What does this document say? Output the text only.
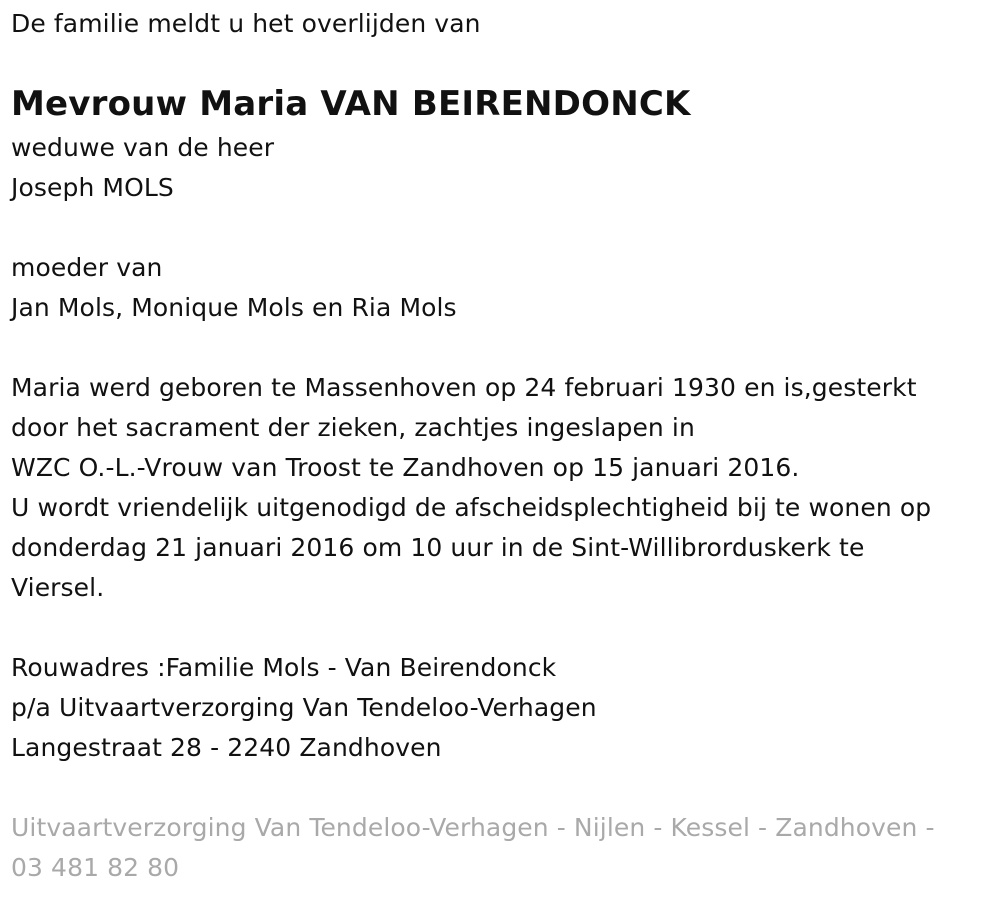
De familie meldt u het overlijden van
Mevrouw Maria VAN BEIRENDONCK
weduwe van de heer
Joseph MOLS
moeder van
Jan Mols, Monique Mols en Ria Mols
Maria werd geboren te Massenhoven op 24 februari 1930 en is,gesterkt
door het sacrament der zieken, zachtjes ingeslapen in
WZC O.-L.-Vrouw van Troost te Zandhoven op 15 januari 2016.
U wordt vriendelijk uitgenodigd de afscheidsplechtigheid bij te wonen op
donderdag 21 januari 2016 om 10 uur in de Sint-Willibrorduskerk te
Viersel.
Rouwadres :Familie Mols - Van Beirendonck
p/a Uitvaartverzorging Van Tendeloo-Verhagen
Langestraat 28 - 2240 Zandhoven
Uitvaartverzorging Van Tendeloo-Verhagen - Nijlen - Kessel - Zandhoven -
03 481 82 80
